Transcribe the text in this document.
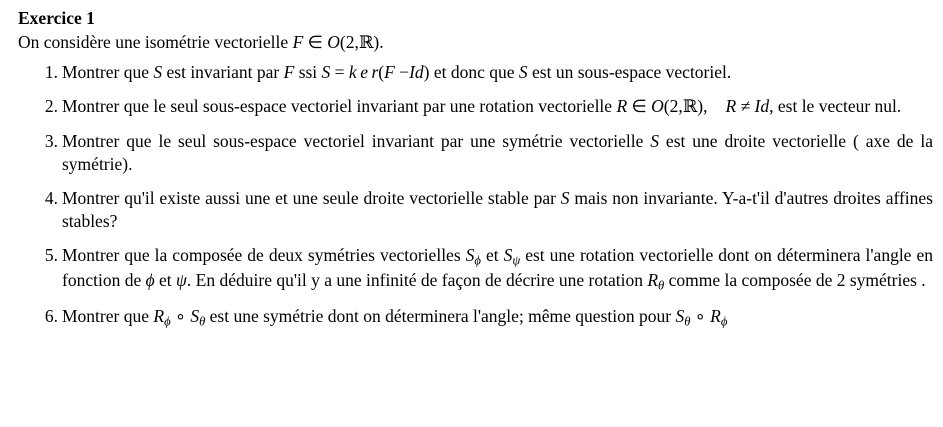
Exercice 1

On considère une isométrie vectorielle F ∈ O(2,ℝ).

1. Montrer que S est invariant par F ssi S = k e r(F −Id) et donc que S est un sous-espace vectoriel.
2. Montrer que le seul sous-espace vectoriel invariant par une rotation vectorielle R ∈ O(2,ℝ), R ≠ Id, est le vecteur nul.
3. Montrer que le seul sous-espace vectoriel invariant par une symétrie vectorielle S est une droite vectorielle ( axe de la symétrie).
4. Montrer qu'il existe aussi une et une seule droite vectorielle stable par S mais non invariante. Y-a-t'il d'autres droites affines stables?
5. Montrer que la composée de deux symétries vectorielles $S_\phi$ et $S_\psi$ est une rotation vectorielle dont on déterminera l'angle en fonction de ϕ et ψ. En déduire qu'il y a une infinité de façon de décrire une rotation $R_\theta$ comme la composée de 2 symétries .
6. Montrer que $R_\phi$ ∘ $S_\theta$ est une symétrie dont on déterminera l'angle; même question pour $S_\theta$ ∘ $R_\phi$
